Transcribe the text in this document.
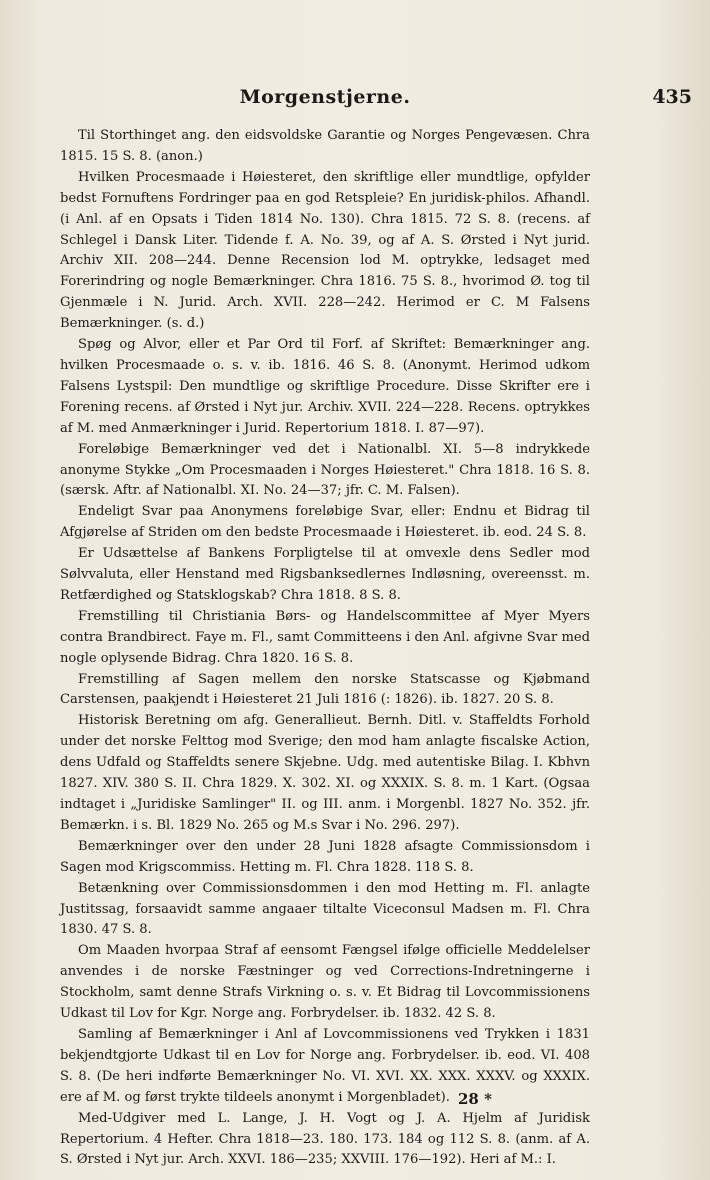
Morgenstjerne.	435

Til Storthinget ang. den eidsvoldske Garantie og Norges Pengevæsen. Chra 1815. 15 S. 8. (anon.)

Hvilken Procesmaade i Høiesteret, den skriftlige eller mundtlige, opfylder bedst Fornuftens Fordringer paa en god Retspleie? En juridisk-philos. Afhandl. (i Anl. af en Opsats i Tiden 1814 No. 130). Chra 1815. 72 S. 8. (recens. af Schlegel i Dansk Liter. Tidende f. A. No. 39, og af A. S. Ørsted i Nyt jurid. Archiv XII. 208—244. Denne Recension lod M. optrykke, ledsaget med Forerindring og nogle Bemærkninger. Chra 1816. 75 S. 8., hvorimod Ø. tog til Gjenmæle i N. Jurid. Arch. XVII. 228—242. Herimod er C. M Falsens Bemærkninger. (s. d.)

Spøg og Alvor, eller et Par Ord til Forf. af Skriftet: Bemærkninger ang. hvilken Procesmaade o. s. v. ib. 1816. 46 S. 8. (Anonymt. Herimod udkom Falsens Lystspil: Den mundtlige og skriftlige Procedure. Disse Skrifter ere i Forening recens. af Ørsted i Nyt jur. Archiv. XVII. 224—228. Recens. optrykkes af M. med Anmærkninger i Jurid. Repertorium 1818. I. 87—97).

Foreløbige Bemærkninger ved det i Nationalbl. XI. 5—8 indrykkede anonyme Stykke „Om Procesmaaden i Norges Høiesteret." Chra 1818. 16 S. 8. (særsk. Aftr. af Nationalbl. XI. No. 24—37; jfr. C. M. Falsen).

Endeligt Svar paa Anonymens foreløbige Svar, eller: Endnu et Bidrag til Afgjørelse af Striden om den bedste Procesmaade i Høiesteret. ib. eod. 24 S. 8.

Er Udsættelse af Bankens Forpligtelse til at omvexle dens Sedler mod Sølvvaluta, eller Henstand med Rigsbanksedlernes Indløsning, overeensst. m. Retfærdighed og Statsklogskab? Chra 1818. 8 S. 8.

Fremstilling til Christiania Børs- og Handelscommittee af Myer Myers contra Brandbirect. Faye m. Fl., samt Committeens i den Anl. afgivne Svar med nogle oplysende Bidrag. Chra 1820. 16 S. 8.

Fremstilling af Sagen mellem den norske Statscasse og Kjøbmand Carstensen, paakjendt i Høiesteret 21 Juli 1816 (: 1826). ib. 1827. 20 S. 8.

Historisk Beretning om afg. Generallieut. Bernh. Ditl. v. Staffeldts Forhold under det norske Felttog mod Sverige; den mod ham anlagte fiscalske Action, dens Udfald og Staffeldts senere Skjebne. Udg. med autentiske Bilag. I. Kbhvn 1827. XIV. 380 S. II. Chra 1829. X. 302. XI. og XXXIX. S. 8. m. 1 Kart. (Ogsaa indtaget i „Juridiske Samlinger" II. og III. anm. i Morgenbl. 1827 No. 352. jfr. Bemærkn. i s. Bl. 1829 No. 265 og M.s Svar i No. 296. 297).

Bemærkninger over den under 28 Juni 1828 afsagte Commissionsdom i Sagen mod Krigscommiss. Hetting m. Fl. Chra 1828. 118 S. 8.

Betænkning over Commissionsdommen i den mod Hetting m. Fl. anlagte Justitssag, forsaavidt samme angaaer tiltalte Viceconsul Madsen m. Fl. Chra 1830. 47 S. 8.

Om Maaden hvorpaa Straf af eensomt Fængsel ifølge officielle Meddelelser anvendes i de norske Fæstninger og ved Corrections-Indretningerne i Stockholm, samt denne Strafs Virkning o. s. v. Et Bidrag til Lovcommissionens Udkast til Lov for Kgr. Norge ang. Forbrydelser. ib. 1832. 42 S. 8.

Samling af Bemærkninger i Anl af Lovcommissionens ved Trykken i 1831 bekjendtgjorte Udkast til en Lov for Norge ang. Forbrydelser. ib. eod. VI. 408 S. 8. (De heri indførte Bemærkninger No. VI. XVI. XX. XXX. XXXV. og XXXIX. ere af M. og først trykte tildeels anonymt i Morgenbladet).

Med-Udgiver med L. Lange, J. H. Vogt og J. A. Hjelm af Juridisk Repertorium. 4 Hefter. Chra 1818—23. 180. 173. 184 og 112 S. 8. (anm. af A. S. Ørsted i Nyt jur. Arch. XXVI. 186—235; XXVIII. 176—192). Heri af M.: I.

28 *
